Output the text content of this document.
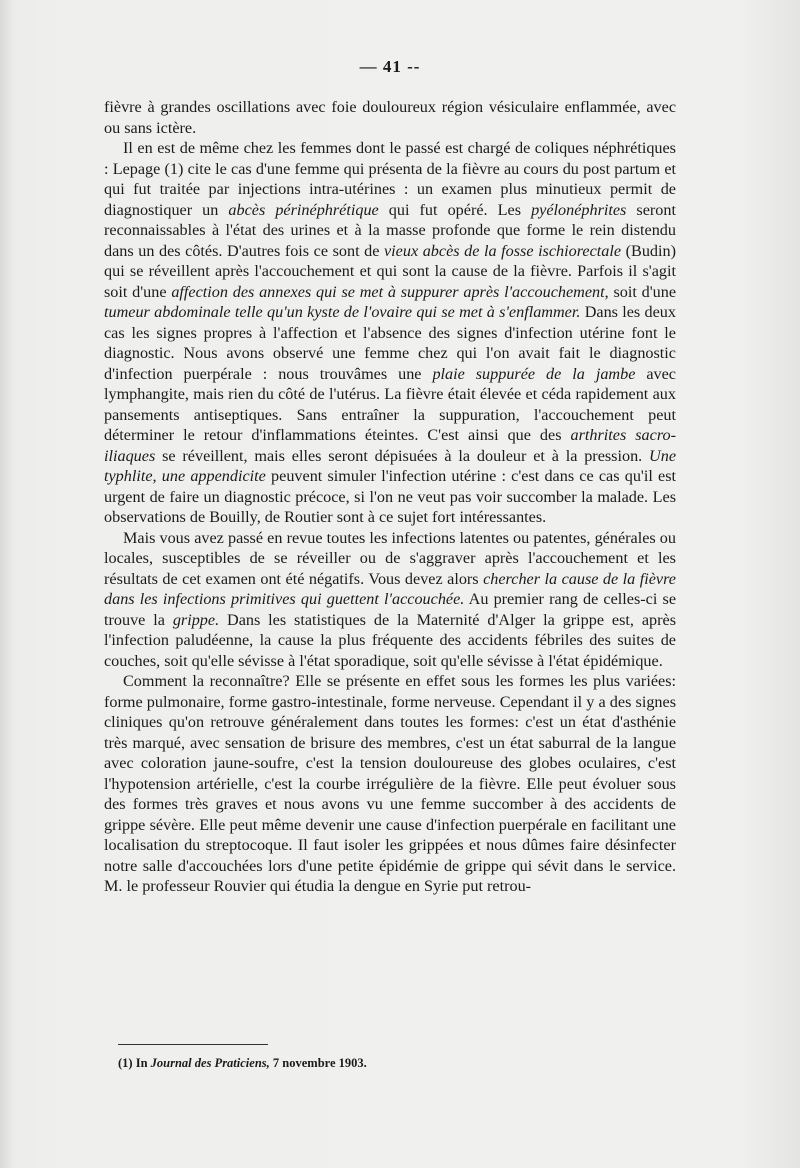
— 41 --

fièvre à grandes oscillations avec foie douloureux région vésiculaire enflammée, avec ou sans ictère.

Il en est de même chez les femmes dont le passé est chargé de coliques néphrétiques : Lepage (1) cite le cas d'une femme qui présenta de la fièvre au cours du post partum et qui fut traitée par injections intra-utérines : un examen plus minutieux permit de diagnostiquer un abcès périnéphrétique qui fut opéré. Les pyélonéphrites seront reconnaissables à l'état des urines et à la masse profonde que forme le rein distendu dans un des côtés. D'autres fois ce sont de vieux abcès de la fosse ischiorectale (Budin) qui se réveillent après l'accouchement et qui sont la cause de la fièvre. Parfois il s'agit soit d'une affection des annexes qui se met à suppurer après l'accouchement, soit d'une tumeur abdominale telle qu'un kyste de l'ovaire qui se met à s'enflammer. Dans les deux cas les signes propres à l'affection et l'absence des signes d'infection utérine font le diagnostic. Nous avons observé une femme chez qui l'on avait fait le diagnostic d'infection puerpérale : nous trouvâmes une plaie suppurée de la jambe avec lymphangite, mais rien du côté de l'utérus. La fièvre était élevée et céda rapidement aux pansements antiseptiques. Sans entraîner la suppuration, l'accouchement peut déterminer le retour d'inflammations éteintes. C'est ainsi que des arthrites sacro-iliaques se réveillent, mais elles seront dépisuées à la douleur et à la pression. Une typhlite, une appendicite peuvent simuler l'infection utérine : c'est dans ce cas qu'il est urgent de faire un diagnostic précoce, si l'on ne veut pas voir succomber la malade. Les observations de Bouilly, de Routier sont à ce sujet fort intéressantes.

Mais vous avez passé en revue toutes les infections latentes ou patentes, générales ou locales, susceptibles de se réveiller ou de s'aggraver après l'accouchement et les résultats de cet examen ont été négatifs. Vous devez alors chercher la cause de la fièvre dans les infections primitives qui guettent l'accouchée. Au premier rang de celles-ci se trouve la grippe. Dans les statistiques de la Maternité d'Alger la grippe est, après l'infection paludéenne, la cause la plus fréquente des accidents fébriles des suites de couches, soit qu'elle sévisse à l'état sporadique, soit qu'elle sévisse à l'état épidémique.

Comment la reconnaître? Elle se présente en effet sous les formes les plus variées: forme pulmonaire, forme gastro-intestinale, forme nerveuse. Cependant il y a des signes cliniques qu'on retrouve généralement dans toutes les formes: c'est un état d'asthénie très marqué, avec sensation de brisure des membres, c'est un état saburral de la langue avec coloration jaune-soufre, c'est la tension douloureuse des globes oculaires, c'est l'hypotension artérielle, c'est la courbe irrégulière de la fièvre. Elle peut évoluer sous des formes très graves et nous avons vu une femme succomber à des accidents de grippe sévère. Elle peut même devenir une cause d'infection puerpérale en facilitant une localisation du streptocoque. Il faut isoler les grippées et nous dûmes faire désinfecter notre salle d'accouchées lors d'une petite épidémie de grippe qui sévit dans le service. M. le professeur Rouvier qui étudia la dengue en Syrie put retrou-

(1) In Journal des Praticiens, 7 novembre 1903.
